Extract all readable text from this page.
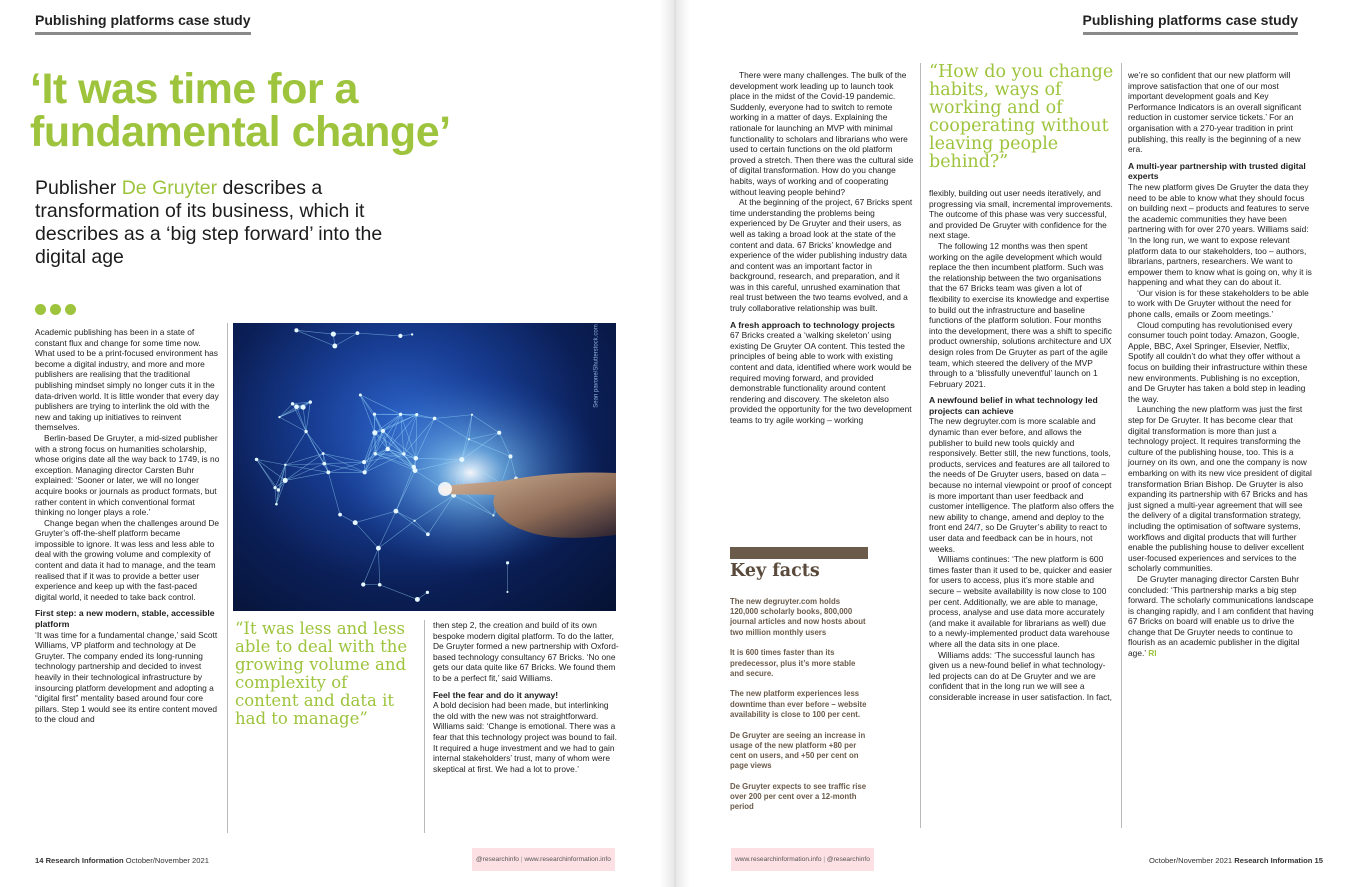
Publishing platforms case study	Publishing platforms case study
‘It was time for a fundamental change’
Publisher De Gruyter describes a transformation of its business, which it describes as a ‘big step forward’ into the digital age

Academic publishing has been in a state of constant flux and change for some time now. What used to be a print-focused environment has become a digital industry, and more and more publishers are realising that the traditional publishing mindset simply no longer cuts it in the data-driven world. It is little wonder that every day publishers are trying to interlink the old with the new and taking up initiatives to reinvent themselves.

Berlin-based De Gruyter, a mid-sized publisher with a strong focus on humanities scholarship, whose origins date all the way back to 1749, is no exception. Managing director Carsten Buhr explained: ‘Sooner or later, we will no longer acquire books or journals as product formats, but rather content in which conventional format thinking no longer plays a role.’

Change began when the challenges around De Gruyter’s off-the-shelf platform became impossible to ignore. It was less and less able to deal with the growing volume and complexity of content and data it had to manage, and the team realised that if it was to provide a better user experience and keep up with the fast-paced digital world, it needed to take back control.

First step: a new modern, stable, accessible platform

‘It was time for a fundamental change,’ said Scott Williams, VP platform and technology at De Gruyter. The company ended its long-running technology partnership and decided to invest heavily in their technological infrastructure by insourcing platform development and adopting a “digital first” mentality based around four core pillars. Step 1 would see its entire content moved to the cloud and

Sean pavone/Shutterstock.com
“It was less and less able to deal with the growing volume and complexity of content and data it had to manage”

then step 2, the creation and build of its own bespoke modern digital platform. To do the latter, De Gruyter formed a new partnership with Oxford-based technology consultancy 67 Bricks. ‘No one gets our data quite like 67 Bricks. We found them to be a perfect fit,’ said Williams.

Feel the fear and do it anyway!

A bold decision had been made, but interlinking the old with the new was not straightforward. Williams said: ‘Change is emotional. There was a fear that this technology project was bound to fail. It required a huge investment and we had to gain internal stakeholders’ trust, many of whom were skeptical at first. We had a lot to prove.’

There were many challenges. The bulk of the development work leading up to launch took place in the midst of the Covid-19 pandemic. Suddenly, everyone had to switch to remote working in a matter of days. Explaining the rationale for launching an MVP with minimal functionality to scholars and librarians who were used to certain functions on the old platform proved a stretch. Then there was the cultural side of digital transformation. How do you change habits, ways of working and of cooperating without leaving people behind?

At the beginning of the project, 67 Bricks spent time understanding the problems being experienced by De Gruyter and their users, as well as taking a broad look at the state of the content and data. 67 Bricks’ knowledge and experience of the wider publishing industry data and content was an important factor in background, research, and preparation, and it was in this careful, unrushed examination that real trust between the two teams evolved, and a truly collaborative relationship was built.

A fresh approach to technology projects

67 Bricks created a ‘walking skeleton’ using existing De Gruyter OA content. This tested the principles of being able to work with existing content and data, identified where work would be required moving forward, and provided demonstrable functionality around content rendering and discovery. The skeleton also provided the opportunity for the two development teams to try agile working – working

Key facts

The new degruyter.com holds 120,000 scholarly books, 800,000 journal articles and now hosts about two million monthly users

It is 600 times faster than its predecessor, plus it’s more stable and secure.

The new platform experiences less downtime than ever before – website availability is close to 100 per cent.

De Gruyter are seeing an increase in usage of the new platform +80 per cent on users, and +50 per cent on page views

De Gruyter expects to see traffic rise over 200 per cent over a 12-month period

“How do you change habits, ways of working and of cooperating without leaving people behind?”

flexibly, building out user needs iteratively, and progressing via small, incremental improvements. The outcome of this phase was very successful, and provided De Gruyter with confidence for the next stage.

The following 12 months was then spent working on the agile development which would replace the then incumbent platform. Such was the relationship between the two organisations that the 67 Bricks team was given a lot of flexibility to exercise its knowledge and expertise to build out the infrastructure and baseline functions of the platform solution. Four months into the development, there was a shift to specific product ownership, solutions architecture and UX design roles from De Gruyter as part of the agile team, which steered the delivery of the MVP through to a ‘blissfully uneventful’ launch on 1 February 2021.

A newfound belief in what technology led projects can achieve

The new degruyter.com is more scalable and dynamic than ever before, and allows the publisher to build new tools quickly and responsively. Better still, the new functions, tools, products, services and features are all tailored to the needs of De Gruyter users, based on data – because no internal viewpoint or proof of concept is more important than user feedback and customer intelligence. The platform also offers the new ability to change, amend and deploy to the front end 24/7, so De Gruyter’s ability to react to user data and feedback can be in hours, not weeks.

Williams continues: ‘The new platform is 600 times faster than it used to be, quicker and easier for users to access, plus it’s more stable and secure – website availability is now close to 100 per cent. Additionally, we are able to manage, process, analyse and use data more accurately (and make it available for librarians as well) due to a newly-implemented product data warehouse where all the data sits in one place.

Williams adds: ‘The successful launch has given us a new-found belief in what technology-led projects can do at De Gruyter and we are confident that in the long run we will see a considerable increase in user satisfaction. In fact,

we’re so confident that our new platform will improve satisfaction that one of our most important development goals and Key Performance Indicators is an overall significant reduction in customer service tickets.’ For an organisation with a 270-year tradition in print publishing, this really is the beginning of a new era.

A multi-year partnership with trusted digital experts

The new platform gives De Gruyter the data they need to be able to know what they should focus on building next – products and features to serve the academic communities they have been partnering with for over 270 years. Williams said: ‘In the long run, we want to expose relevant platform data to our stakeholders, too – authors, librarians, partners, researchers. We want to empower them to know what is going on, why it is happening and what they can do about it.

‘Our vision is for these stakeholders to be able to work with De Gruyter without the need for phone calls, emails or Zoom meetings.’

Cloud computing has revolutionised every consumer touch point today. Amazon, Google, Apple, BBC, Axel Springer, Elsevier, Netflix, Spotify all couldn’t do what they offer without a focus on building their infrastructure within these new environments. Publishing is no exception, and De Gruyter has taken a bold step in leading the way.

Launching the new platform was just the first step for De Gruyter. It has become clear that digital transformation is more than just a technology project. It requires transforming the culture of the publishing house, too. This is a journey on its own, and one the company is now embarking on with its new vice president of digital transformation Brian Bishop. De Gruyter is also expanding its partnership with 67 Bricks and has just signed a multi-year agreement that will see the delivery of a digital transformation strategy, including the optimisation of software systems, workflows and digital products that will further enable the publishing house to deliver excellent user-focused experiences and services to the scholarly communities.

De Gruyter managing director Carsten Buhr concluded: ‘This partnership marks a big step forward. The scholarly communications landscape is changing rapidly, and I am confident that having 67 Bricks on board will enable us to drive the change that De Gruyter needs to continue to flourish as an academic publisher in the digital age.’ RI

14 Research Information October/November 2021	October/November 2021 Research Information 15
@researchinfo | www.researchinformation.info	www.researchinformation.info | @researchinfo
